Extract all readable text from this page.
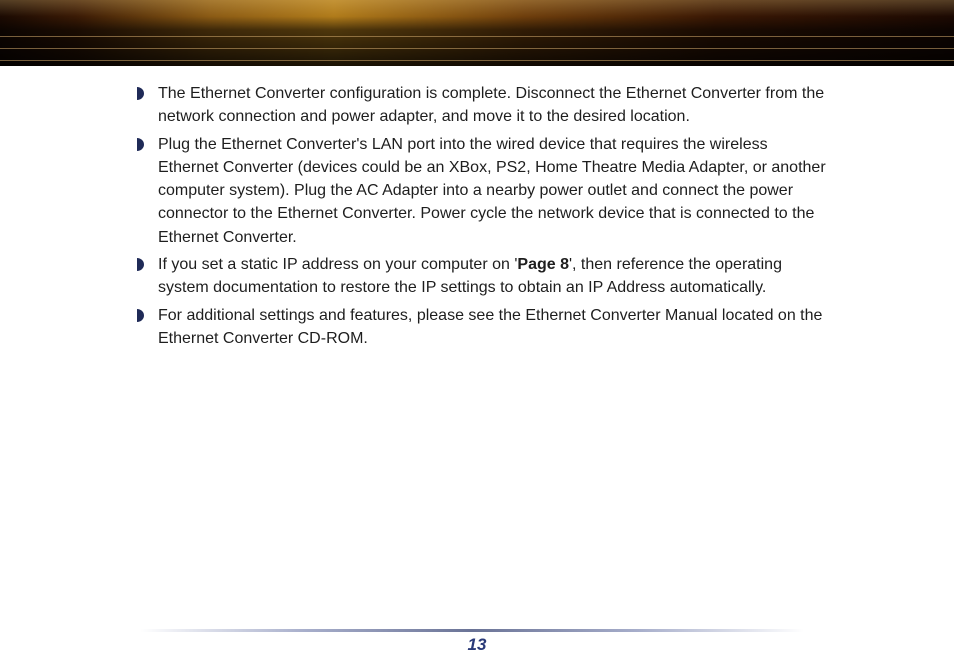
The Ethernet Converter configuration is complete. Disconnect the Ethernet Converter from the network connection and power adapter, and move it to the desired location.
Plug the Ethernet Converter's LAN port into the wired device that requires the wireless Ethernet Converter (devices could be an XBox, PS2, Home Theatre Media Adapter, or another computer system). Plug the AC Adapter into a nearby power outlet and connect the power connector to the Ethernet Converter. Power cycle the network device that is connected to the Ethernet Converter.
If you set a static IP address on your computer on 'Page 8', then reference the operating system documentation to restore the IP settings to obtain an IP Address automatically.
For additional settings and features, please see the Ethernet Converter Manual located on the Ethernet Converter CD-ROM.
13
